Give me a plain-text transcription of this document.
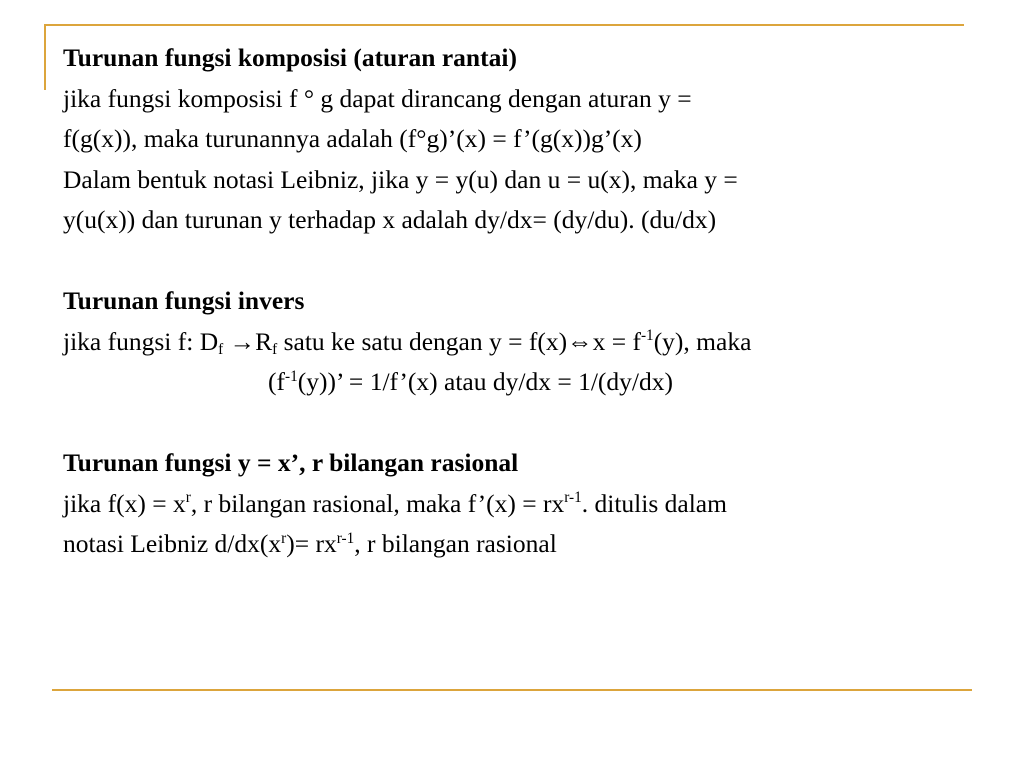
Turunan fungsi komposisi (aturan rantai)
jika fungsi komposisi f ° g dapat dirancang dengan aturan y =
f(g(x)), maka turunannya adalah (f°g)’(x) = f’(g(x))g’(x)
Dalam bentuk notasi Leibniz, jika y = y(u) dan u = u(x), maka y =
y(u(x)) dan turunan y terhadap x adalah dy/dx= (dy/du). (du/dx)
Turunan fungsi invers
jika fungsi f: $D_f \to R_f$ satu ke satu dengan y = f(x)⇔x = $f^{-1}(y)$, maka
$(f^{-1}(y))$’ = 1/f’(x) atau dy/dx = 1/(dy/dx)
Turunan fungsi y = x’, r bilangan rasional
jika $f(x) = x^r$, r bilangan rasional, maka f’(x) = $rx^{r-1}$. ditulis dalam
notasi Leibniz $d/dx(x^r)= rx^{r-1}$, r bilangan rasional
